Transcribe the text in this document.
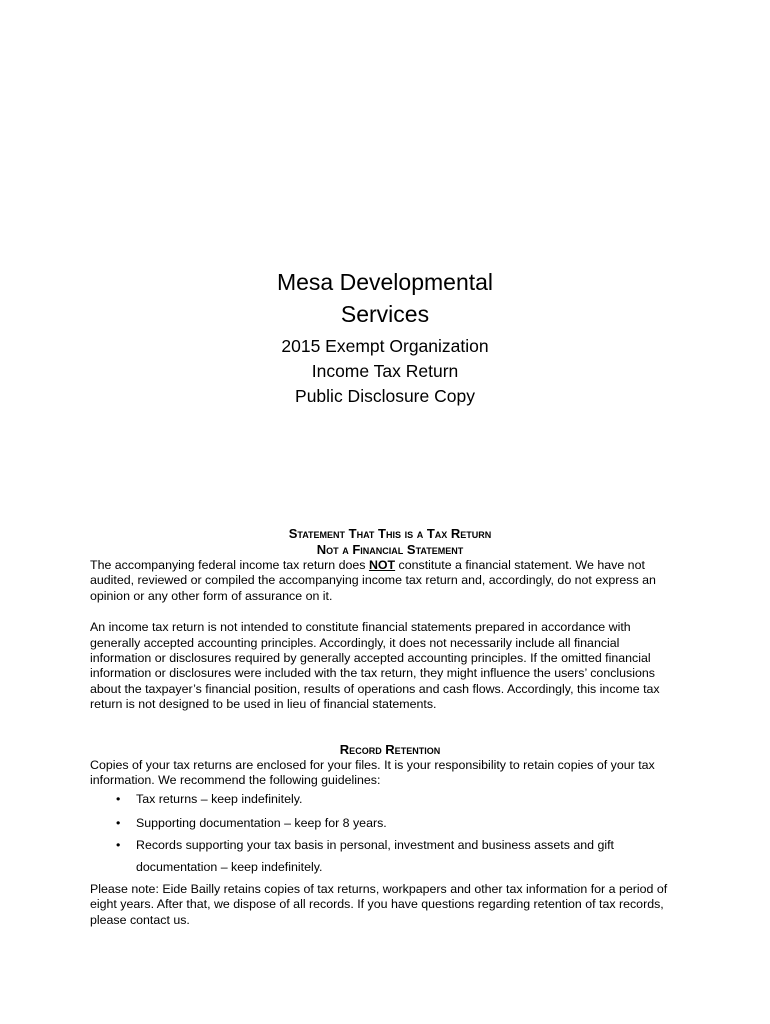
Mesa Developmental
Services

2015 Exempt Organization

Income Tax Return

Public Disclosure Copy

Statement That This is a Tax Return

Not a Financial Statement

The accompanying federal income tax return does NOT constitute a financial statement. We have not
audited, reviewed or compiled the accompanying income tax return and, accordingly, do not express an
opinion or any other form of assurance on it.

An income tax return is not intended to constitute financial statements prepared in accordance with
generally accepted accounting principles. Accordingly, it does not necessarily include all financial
information or disclosures required by generally accepted accounting principles. If the omitted financial
information or disclosures were included with the tax return, they might influence the users’ conclusions
about the taxpayer’s financial position, results of operations and cash flows. Accordingly, this income tax
return is not designed to be used in lieu of financial statements.

Record Retention

Copies of your tax returns are enclosed for your files. It is your responsibility to retain copies of your tax
information. We recommend the following guidelines:

• Tax returns – keep indefinitely.
• Supporting documentation – keep for 8 years.
• Records supporting your tax basis in personal, investment and business assets and gift
documentation – keep indefinitely.

Please note: Eide Bailly retains copies of tax returns, workpapers and other tax information for a period of
eight years. After that, we dispose of all records. If you have questions regarding retention of tax records,
please contact us.
